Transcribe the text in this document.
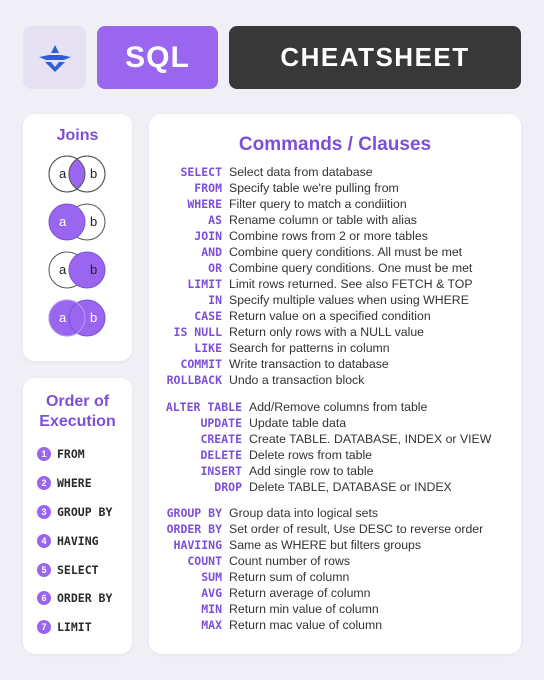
SQL	CHEATSHEET
Joins
a b
a b
a b
a b
Order of
Execution
1 FROM
2 WHERE
3 GROUP BY
4 HAVING
5 SELECT
6 ORDER BY
7 LIMIT
Commands / Clauses
SELECT Select data from database
FROM Specify table we're pulling from
WHERE Filter query to match a condiition
AS Rename column or table with alias
JOIN Combine rows from 2 or more tables
AND Combine query conditions. All must be met
OR Combine query conditions. One must be met
LIMIT Limit rows returned. See also FETCH & TOP
IN Specify multiple values when using WHERE
CASE Return value on a specified condition
IS NULL Return only rows with a NULL value
LIKE Search for patterns in column
COMMIT Write transaction to database
ROLLBACK Undo a transaction block
ALTER TABLE Add/Remove columns from table
UPDATE Update table data
CREATE Create TABLE. DATABASE, INDEX or VIEW
DELETE Delete rows from table
INSERT Add single row to table
DROP Delete TABLE, DATABASE or INDEX
GROUP BY Group data into logical sets
ORDER BY Set order of result, Use DESC to reverse order
HAVIING Same as WHERE but filters groups
COUNT Count number of rows
SUM Return sum of column
AVG Return average of column
MIN Return min value of column
MAX Return mac value of column
